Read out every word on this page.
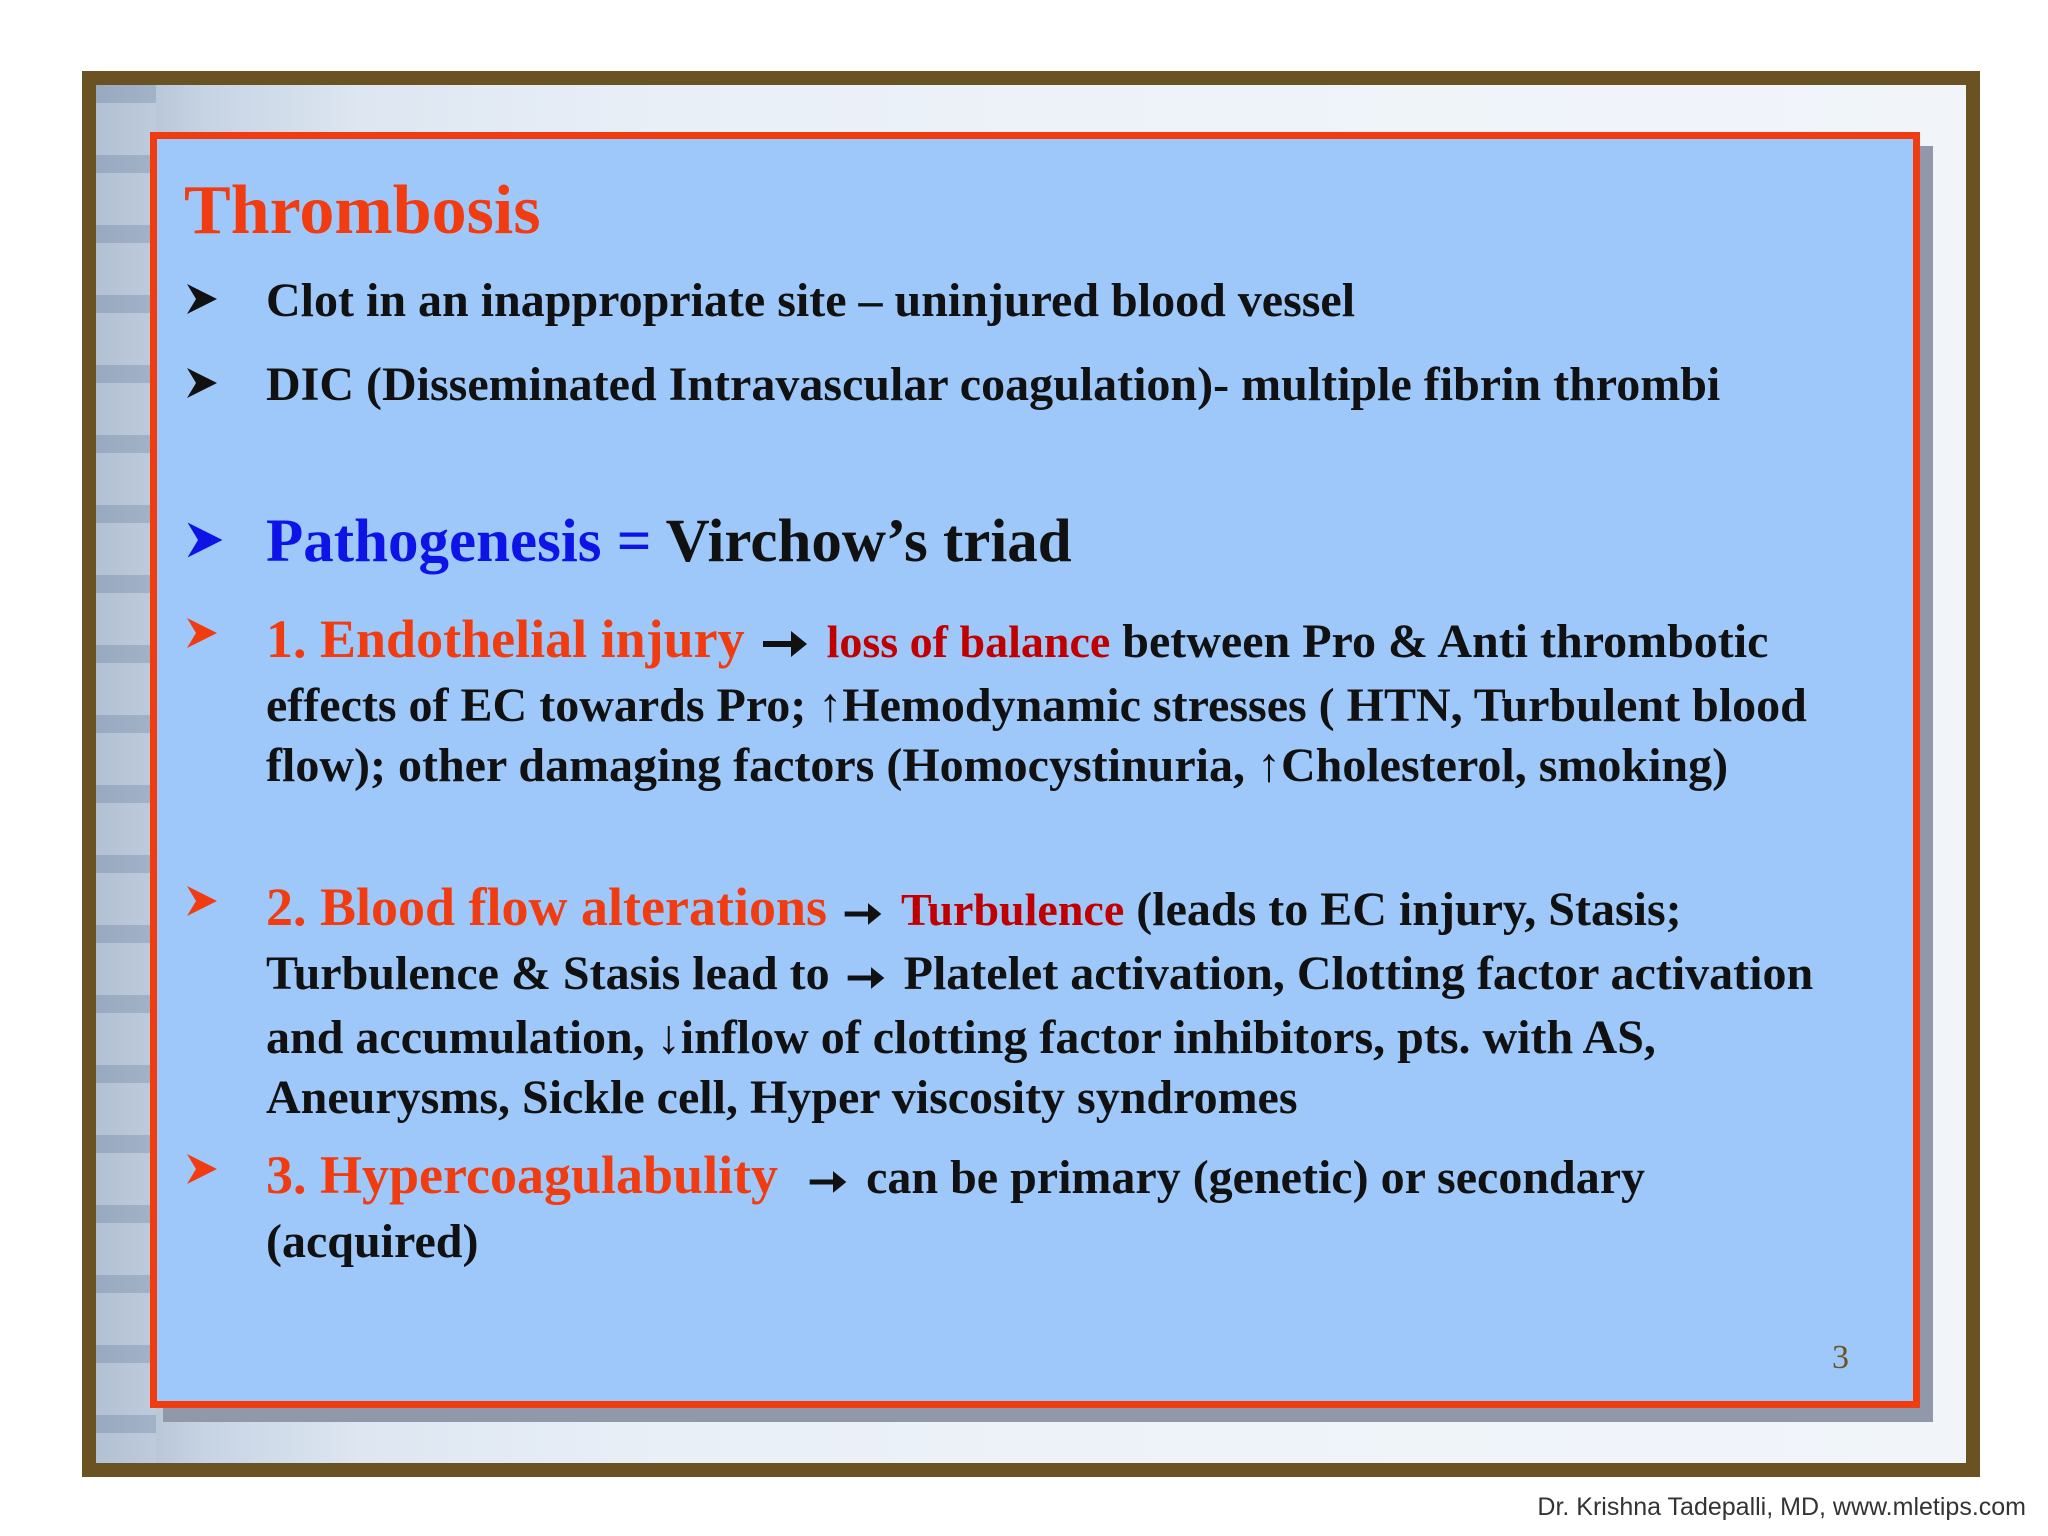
Thrombosis
Clot in an inappropriate site – uninjured blood vessel
DIC (Disseminated Intravascular coagulation)- multiple fibrin thrombi
Pathogenesis = Virchow’s triad
1. Endothelial injury loss of balance between Pro & Anti thrombotic effects of EC towards Pro; ↑Hemodynamic stresses ( HTN, Turbulent blood flow); other damaging factors (Homocystinuria, ↑Cholesterol, smoking)
2. Blood flow alterations Turbulence (leads to EC injury, Stasis; Turbulence & Stasis lead to Platelet activation, Clotting factor activation and accumulation, ↓inflow of clotting factor inhibitors, pts. with AS, Aneurysms, Sickle cell, Hyper viscosity syndromes
3. Hypercoagulabulity can be primary (genetic) or secondary (acquired)
3
Dr. Krishna Tadepalli, MD, www.mletips.com
